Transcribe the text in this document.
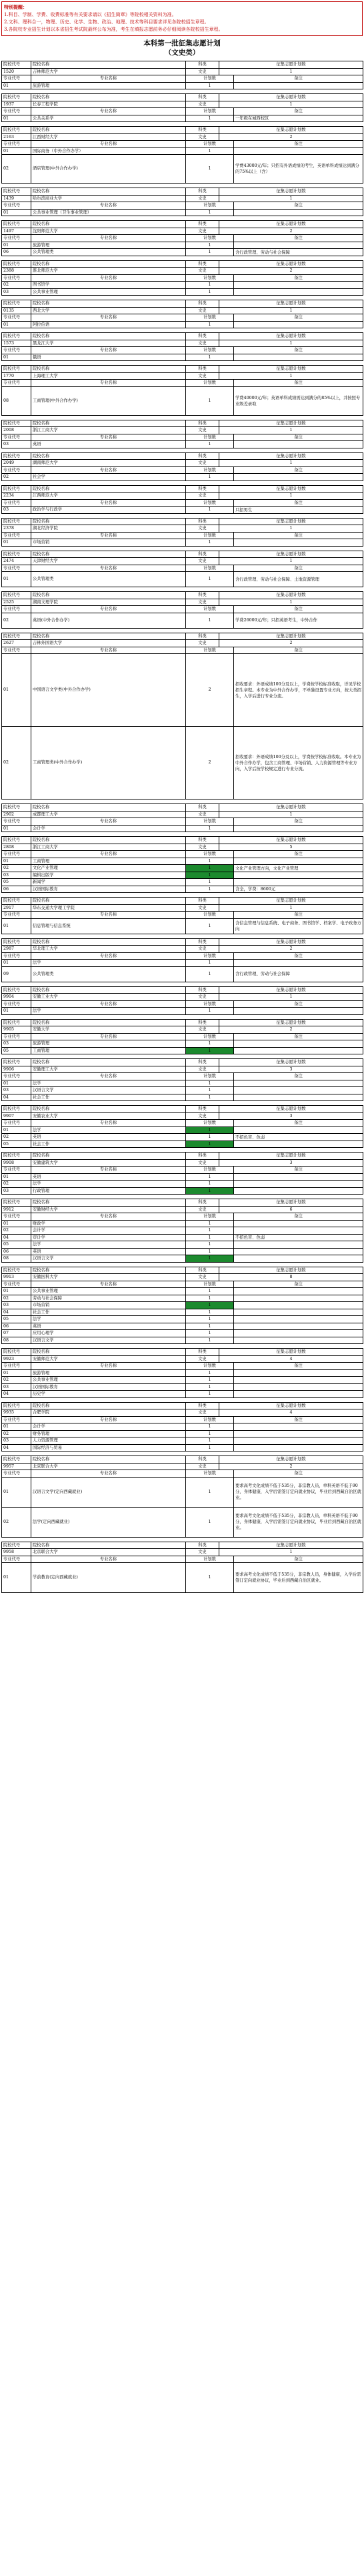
特别提醒：

1.科目、学制、学费、收费标准等有关要求请以《招生简章》等院校相关资料为准。

2.文科、理科合一，物理、历史、化学、生物、政治、地理、技术等科目要求详见各院校招生章程。

3.各院校专业招生计划以本省招生考试院最终公布为准，考生在填报志愿前务必仔细阅读各院校招生章程。

本科第一批征集志愿计划
（文史类）
院校代号	院校名称	科类	征集志愿计划数	
1520	吉林师范大学	文史	1	
专业代号	专业名称	计划数		备注
01	旅游管理	1		
院校代号	院校名称	科类	征集志愿计划数	
1937	长春工程学院	文史	1	
专业代号	专业名称	计划数		备注
01	公共关系学	1		一年级在城西校区
院校代号	院校名称	科类	征集志愿计划数	
2163	江西财经大学	文史	2	
专业代号	专业名称	计划数		备注
01	国际商务（中外合作办学）	1		
02	酒店管理(中外合作办学)	1		学费43000元/年；只招有外语成绩的考生，英语单科成绩达到满分的75%以上（含）
院校代号	院校名称	科类	征集志愿计划数	
1439	哈尔滨商业大学	文史	1	
专业代号	专业名称	计划数		备注
01	公共事业管理（卫生事业管理）	1		
院校代号	院校名称	科类	征集志愿计划数	
1497	沈阳师范大学	文史	2	
专业代号	专业名称	计划数		备注
01	旅游管理	1		
06	公共管理类	1		含行政管理、劳动与社会保障
院校代号	院校名称	科类	征集志愿计划数	
2388	淮北师范大学	文史	2	
专业代号	专业名称	计划数		备注
02	图书馆学	1		
03	公共事业管理	1		
院校代号	院校名称	科类	征集志愿计划数	
0135	西北大学	文史	1	
专业代号	专业名称	计划数		备注
01	阿拉伯语	1		
院校代号	院校名称	科类	征集志愿计划数	
1573	黑龙江大学	文史	1	
专业代号	专业名称	计划数		备注
01	俄语	1		
院校代号	院校名称	科类	征集志愿计划数	
1770	上海理工大学	文史	1	
专业代号	专业名称	计划数		备注
08	工商管理(中外合作办学)	1		学费40000元/年；英语单科成绩需达到满分的85%以上，并按照专业级差录取
院校代号	院校名称	科类	征集志愿计划数	
2008	浙江工商大学	文史	1	
专业代号	专业名称	计划数		备注
03	英语	1		
院校代号	院校名称	科类	征集志愿计划数	
2049	湖南师范大学	文史	1	
专业代号	专业名称	计划数		备注
02	社会学	1		
院校代号	院校名称	科类	征集志愿计划数	
2234	江西师范大学	文史	1	
专业代号	专业名称	计划数		备注
03	政治学与行政学	1		只招男生
院校代号	院校名称	科类	征集志愿计划数	
2378	湖北经济学院	文史	1	
专业代号	专业名称	计划数		备注
01	市场营销	1		
院校代号	院校名称	科类	征集志愿计划数	
2474	天津财经大学	文史	1	
专业代号	专业名称	计划数		备注
01	公共管理类	1		含行政管理、劳动与社会保障、土地资源管理
院校代号	院校名称	科类	征集志愿计划数	
2525	湖南文理学院	文史	1	
专业代号	专业名称	计划数		备注
02	英语(中外合作办学)	1		学费26000元/年；只招英语考生，中外合作
院校代号	院校名称	科类	征集志愿计划数	
2627	吉林外国语大学	文史	2	
专业代号	专业名称	计划数		备注
01	中国语言文学类(中外合作办学)	2		招收要求：外语成绩100分及以上，学费按学校标准收取，详见学校招生章程。本专业为中外合作办学，不单独设置专业方向，按大类招生，入学后进行专业分流。
02	工商管理类(中外合作办学)	2		招收要求：外语成绩100分及以上，学费按学校标准收取。本专业为中外合作办学，包含工商管理、市场营销、人力资源管理等专业方向，入学后按学校规定进行专业分流。
院校代号	院校名称	科类	征集志愿计划数	
2902	成都理工大学	文史	1	
专业代号	专业名称	计划数		备注
01	会计学	1		
院校代号	院校名称	科类	征集志愿计划数	
2808	浙江工商大学	文史	5	
专业代号	专业名称	计划数		备注
01	工商管理	1		
02	文化产业管理	1		文化产业管理方向，文化产业管理
03	编辑出版学	1		
05	新闻学	1		
06	汉语国际教育	1		含全，学费：8600元
院校代号	院校名称	科类	征集志愿计划数	
2917	华东交通大学理工学院	文史	1	
专业代号	专业名称	计划数		备注
01	信息管理与信息系统	1		含信息管理与信息系统、电子商务、图书馆学、档案学、电子政务方向
院校代号	院校名称	科类	征集志愿计划数	
2987	华北理工大学	文史	2	
专业代号	专业名称	计划数		备注
01	法学	1		
09	公共管理类	1		含行政管理、劳动与社会保障
院校代号	院校名称	科类	征集志愿计划数	
9904	安徽工业大学	文史	1	
专业代号	专业名称	计划数		备注
01	法学	1		
院校代号	院校名称	科类	征集志愿计划数	
9905	安徽大学	文史	2	
专业代号	专业名称	计划数		备注
03	旅游管理	1		
05	工商管理	1		
院校代号	院校名称	科类	征集志愿计划数	
9906	安徽理工大学	文史	3	
专业代号	专业名称	计划数		备注
01	法学	1		
03	汉语言文学	1		
04	社会工作	1		
院校代号	院校名称	科类	征集志愿计划数	
9907	安徽农业大学	文史	3	
专业代号	专业名称	计划数		备注
01	法学	1		
02	英语	1		不招色盲、色弱
05	社会工作	1		
院校代号	院校名称	科类	征集志愿计划数	
9908	安徽建筑大学	文史	3	
专业代号	专业名称	计划数		备注
01	英语	1		
02	法学	1		
03	行政管理	1		
院校代号	院校名称	科类	征集志愿计划数	
9912	安徽财经大学	文史	6	
专业代号	专业名称	计划数		备注
01	财政学	1		
02	会计学	1		
04	审计学	1		不招色盲、色弱
05	法学	1		
06	英语	1		
08	汉语言文学	1		
院校代号	院校名称	科类	征集志愿计划数	
9913	安徽医科大学	文史	8	
专业代号	专业名称	计划数		备注
01	公共事业管理	1		
02	劳动与社会保障	1		
03	市场营销	1		
04	社会工作	1		
05	法学	1		
06	英语	1		
07	应用心理学	1		
08	汉语言文学	1		
院校代号	院校名称	科类	征集志愿计划数	
9923	安徽师范大学	文史	4	
专业代号	专业名称	计划数		备注
01	旅游管理	1		
02	公共事业管理	1		
03	汉语国际教育	1		
04	历史学	1		
院校代号	院校名称	科类	征集志愿计划数	
9935	合肥学院	文史	4	
专业代号	专业名称	计划数		备注
01	会计学	1		
02	财务管理	1		
03	人力资源管理	1		
04	国际经济与贸易	1		
院校代号	院校名称	科类	征集志愿计划数	
9957	北京联合大学	文史	2	
专业代号	专业名称	计划数		备注
01	汉语言文学(定向西藏就业)	1		要求高考文化成绩不低于535分，非宗教人员，单科英语不低于90分，身体健康，入学后需签订定向就业协议，毕业后到西藏自治区就业。
02	法学(定向西藏就业)	1		要求高考文化成绩不低于535分，非宗教人员，单科英语不低于90分，身体健康，入学后需签订定向就业协议，毕业后到西藏自治区就业。
院校代号	院校名称	科类	征集志愿计划数	
9958	北京联合大学	文史	1	
专业代号	专业名称	计划数		备注
01	学前教育(定向西藏就业)	1		要求高考文化成绩不低于535分，非宗教人员，身体健康，入学后需签订定向就业协议，毕业后到西藏自治区就业。
